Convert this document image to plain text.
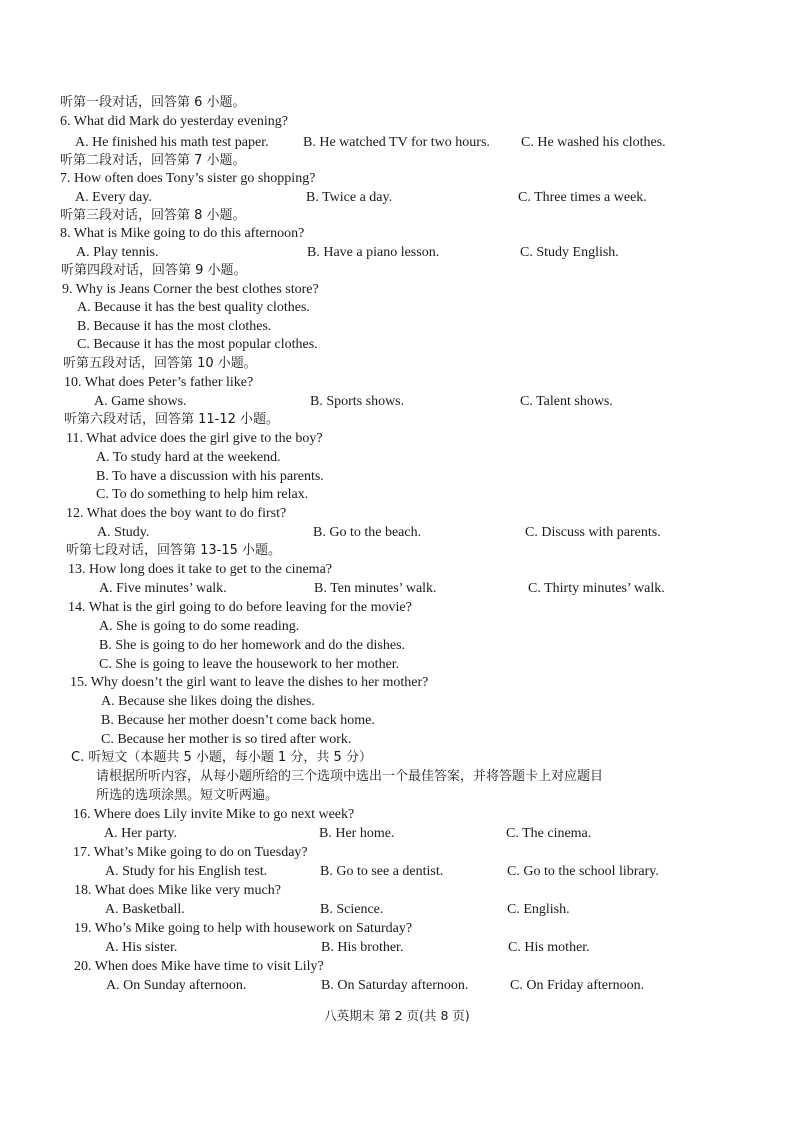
听第一段对话，回答第 6 小题。
6. What did Mark do yesterday evening?
A. He finished his math test paper. B. He watched TV for two hours. C. He washed his clothes.
听第二段对话，回答第 7 小题。
7. How often does Tony’s sister go shopping?
A. Every day.	B. Twice a day.	C. Three times a week.
听第三段对话，回答第 8 小题。
8. What is Mike going to do this afternoon?
A. Play tennis.	B. Have a piano lesson.	C. Study English.
听第四段对话，回答第 9 小题。
9. Why is Jeans Corner the best clothes store?
A. Because it has the best quality clothes.
B. Because it has the most clothes.
C. Because it has the most popular clothes.
听第五段对话，回答第 10 小题。
10. What does Peter’s father like?
A. Game shows.	B. Sports shows.	C. Talent shows.
听第六段对话，回答第 11-12 小题。
11. What advice does the girl give to the boy?
A. To study hard at the weekend.
B. To have a discussion with his parents.
C. To do something to help him relax.
12. What does the boy want to do first?
A. Study.	B. Go to the beach.	C. Discuss with parents.
听第七段对话，回答第 13-15 小题。
13. How long does it take to get to the cinema?
A. Five minutes’ walk.	B. Ten minutes’ walk.	C. Thirty minutes’ walk.
14. What is the girl going to do before leaving for the movie?
A. She is going to do some reading.
B. She is going to do her homework and do the dishes.
C. She is going to leave the housework to her mother.
15. Why doesn’t the girl want to leave the dishes to her mother?
A. Because she likes doing the dishes.
B. Because her mother doesn’t come back home.
C. Because her mother is so tired after work.
C. 听短文（本题共 5 小题，每小题 1 分，共 5 分）
请根据所听内容，从每小题所给的三个选项中选出一个最佳答案，并将答题卡上对应题目
所选的选项涂黑。短文听两遍。
16. Where does Lily invite Mike to go next week?
A. Her party.	B. Her home.	C. The cinema.
17. What’s Mike going to do on Tuesday?
A. Study for his English test.	B. Go to see a dentist.	C. Go to the school library.
18. What does Mike like very much?
A. Basketball.	B. Science.	C. English.
19. Who’s Mike going to help with housework on Saturday?
A. His sister.	B. His brother.	C. His mother.
20. When does Mike have time to visit Lily?
A. On Sunday afternoon.	B. On Saturday afternoon.	C. On Friday afternoon.
八英期末 第 2 页(共 8 页)
